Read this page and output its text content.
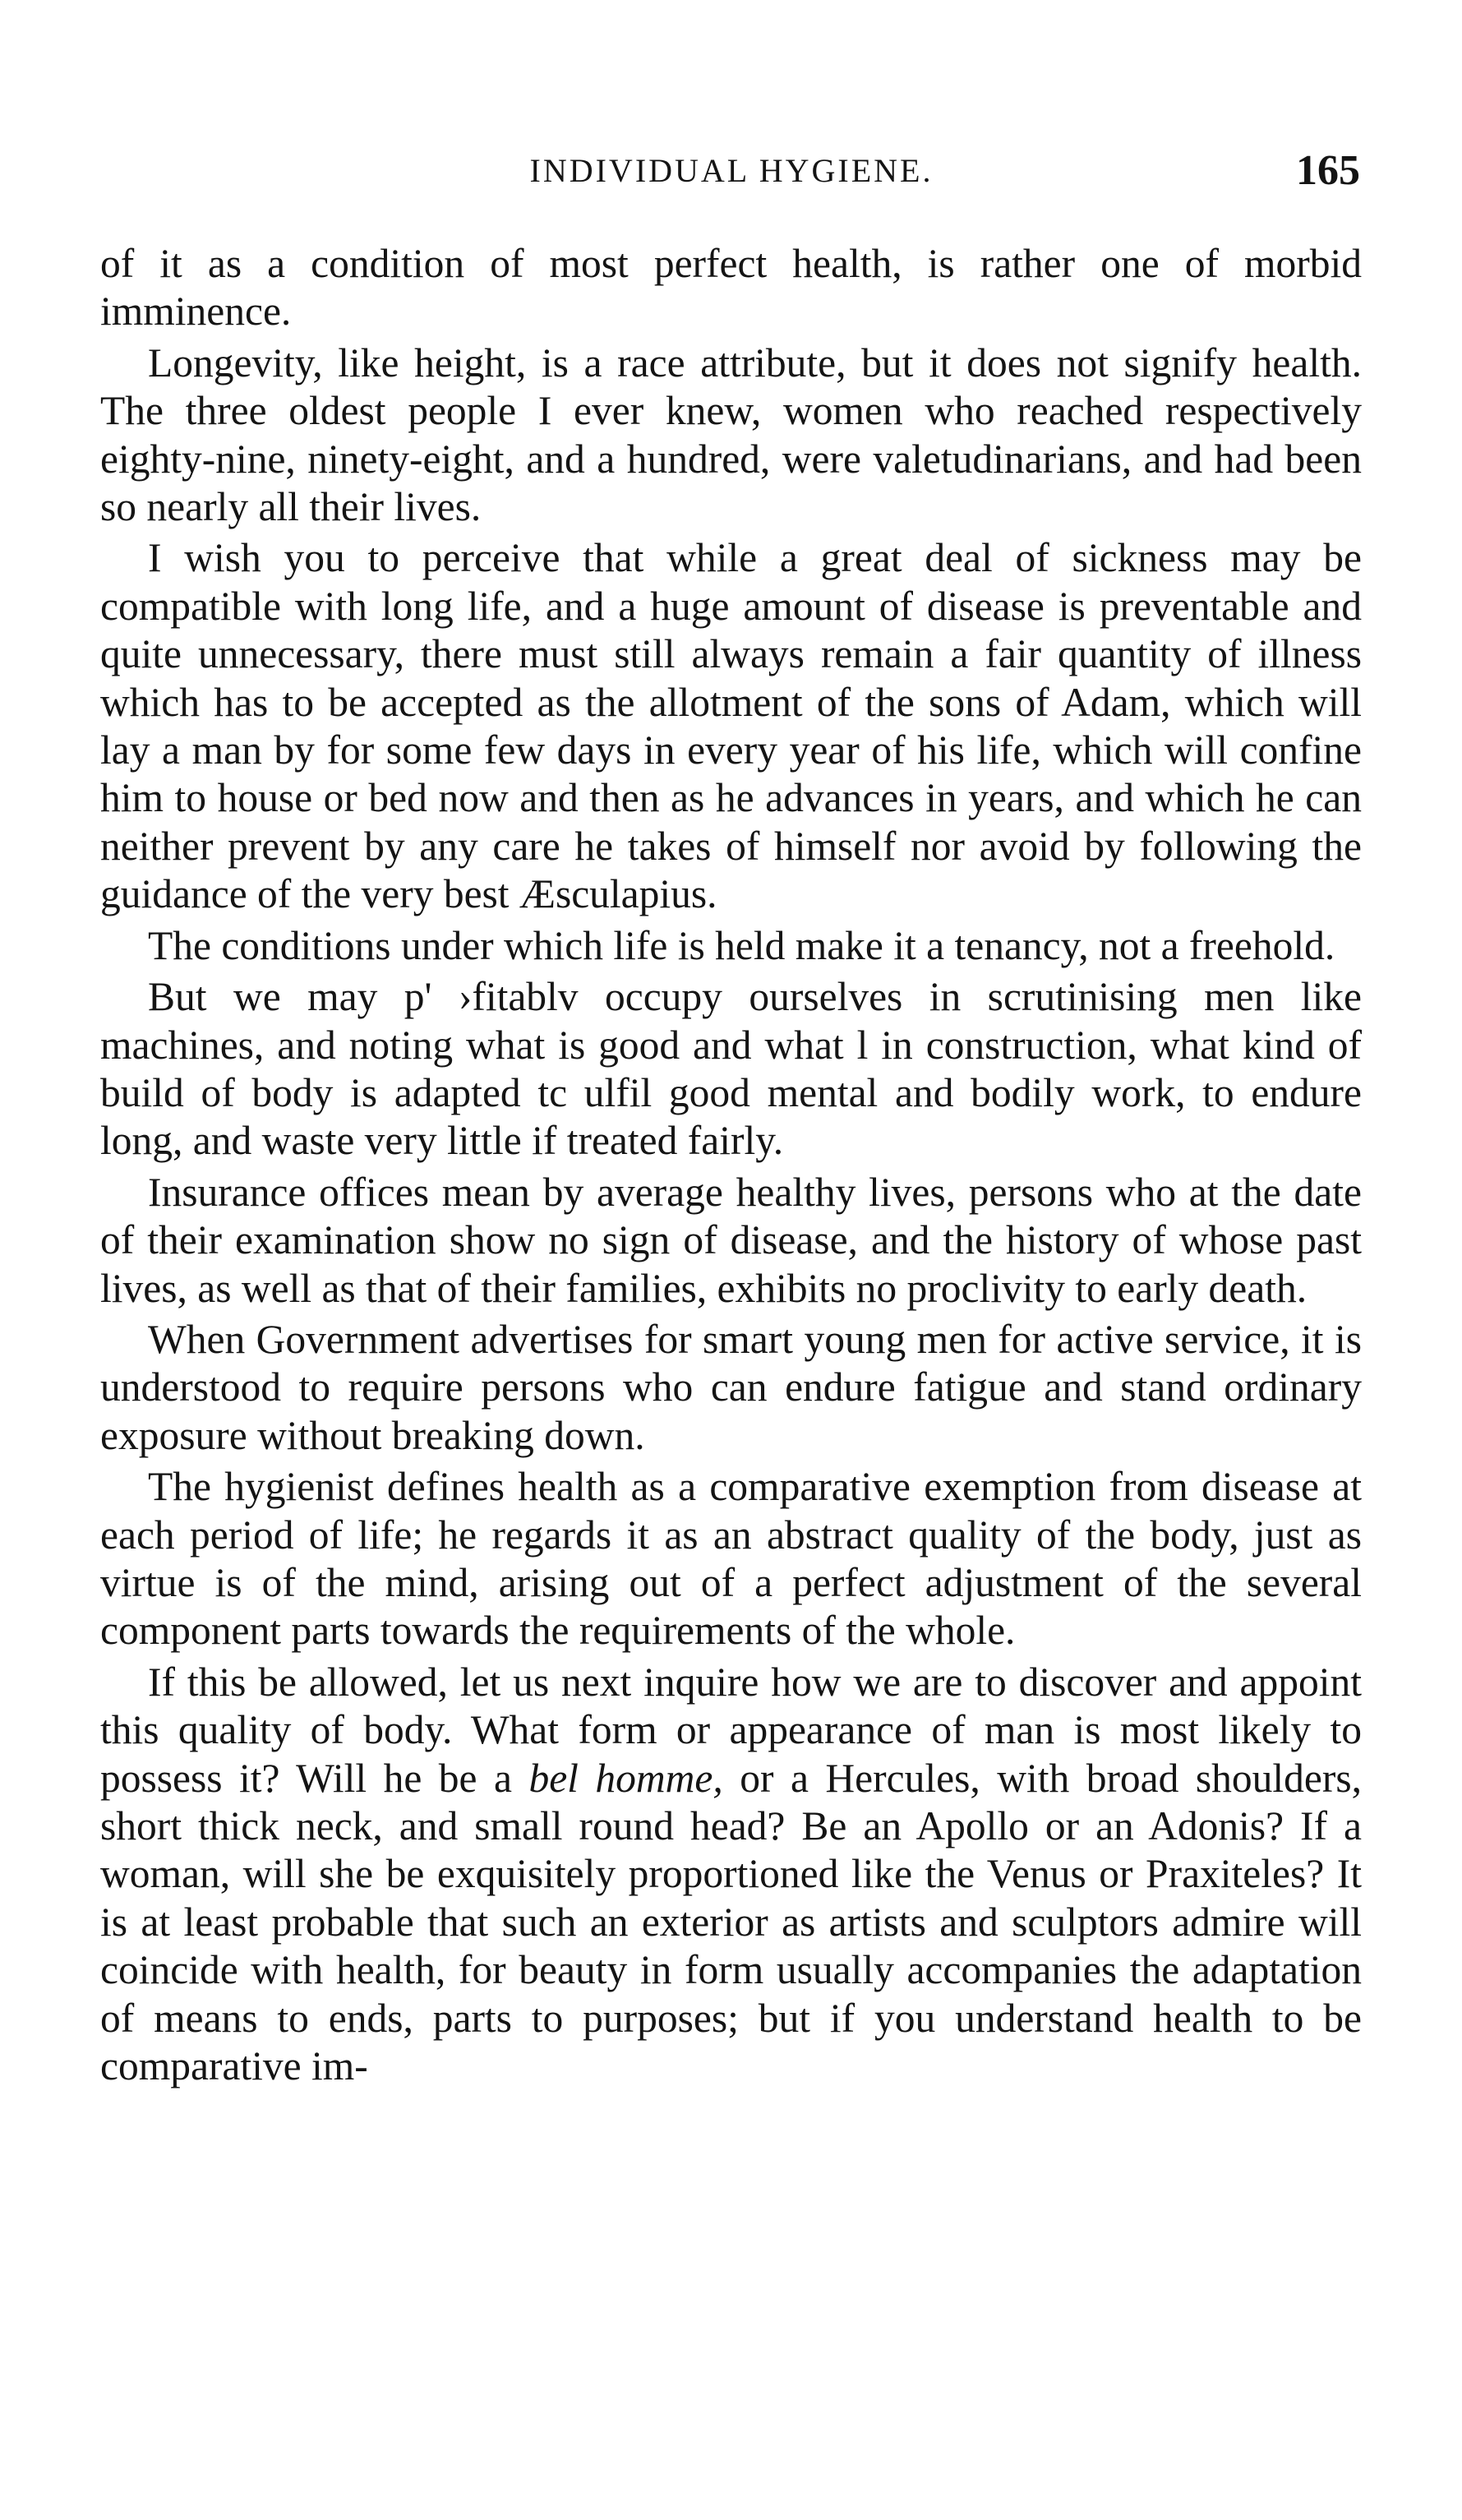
INDIVIDUAL HYGIENE.	165

of it as a condition of most perfect health, is rather one of morbid imminence.

Longevity, like height, is a race attribute, but it does not signify health. The three oldest people I ever knew, women who reached respectively eighty-nine, ninety-eight, and a hundred, were valetudinarians, and had been so nearly all their lives.

I wish you to perceive that while a great deal of sickness may be compatible with long life, and a huge amount of disease is preventable and quite unnecessary, there must still always remain a fair quantity of illness which has to be accepted as the allotment of the sons of Adam, which will lay a man by for some few days in every year of his life, which will confine him to house or bed now and then as he advances in years, and which he can neither prevent by any care he takes of himself nor avoid by following the guidance of the very best Æsculapius.

The conditions under which life is held make it a tenancy, not a freehold.

But we may p' ›fitablv occupy ourselves in scrutinising men like machines, and noting what is good and what l in construction, what kind of build of body is adapted tc ulfil good mental and bodily work, to endure long, and waste very little if treated fairly.

Insurance offices mean by average healthy lives, persons who at the date of their examination show no sign of disease, and the history of whose past lives, as well as that of their families, exhibits no proclivity to early death.

When Government advertises for smart young men for active service, it is understood to require persons who can endure fatigue and stand ordinary exposure without breaking down.

The hygienist defines health as a comparative exemption from disease at each period of life; he regards it as an abstract quality of the body, just as virtue is of the mind, arising out of a perfect adjustment of the several component parts towards the requirements of the whole.

If this be allowed, let us next inquire how we are to discover and appoint this quality of body. What form or appearance of man is most likely to possess it? Will he be a bel homme, or a Hercules, with broad shoulders, short thick neck, and small round head? Be an Apollo or an Adonis? If a woman, will she be exquisitely proportioned like the Venus or Praxiteles? It is at least probable that such an exterior as artists and sculptors admire will coincide with health, for beauty in form usually accompanies the adaptation of means to ends, parts to purposes; but if you understand health to be comparative im-
